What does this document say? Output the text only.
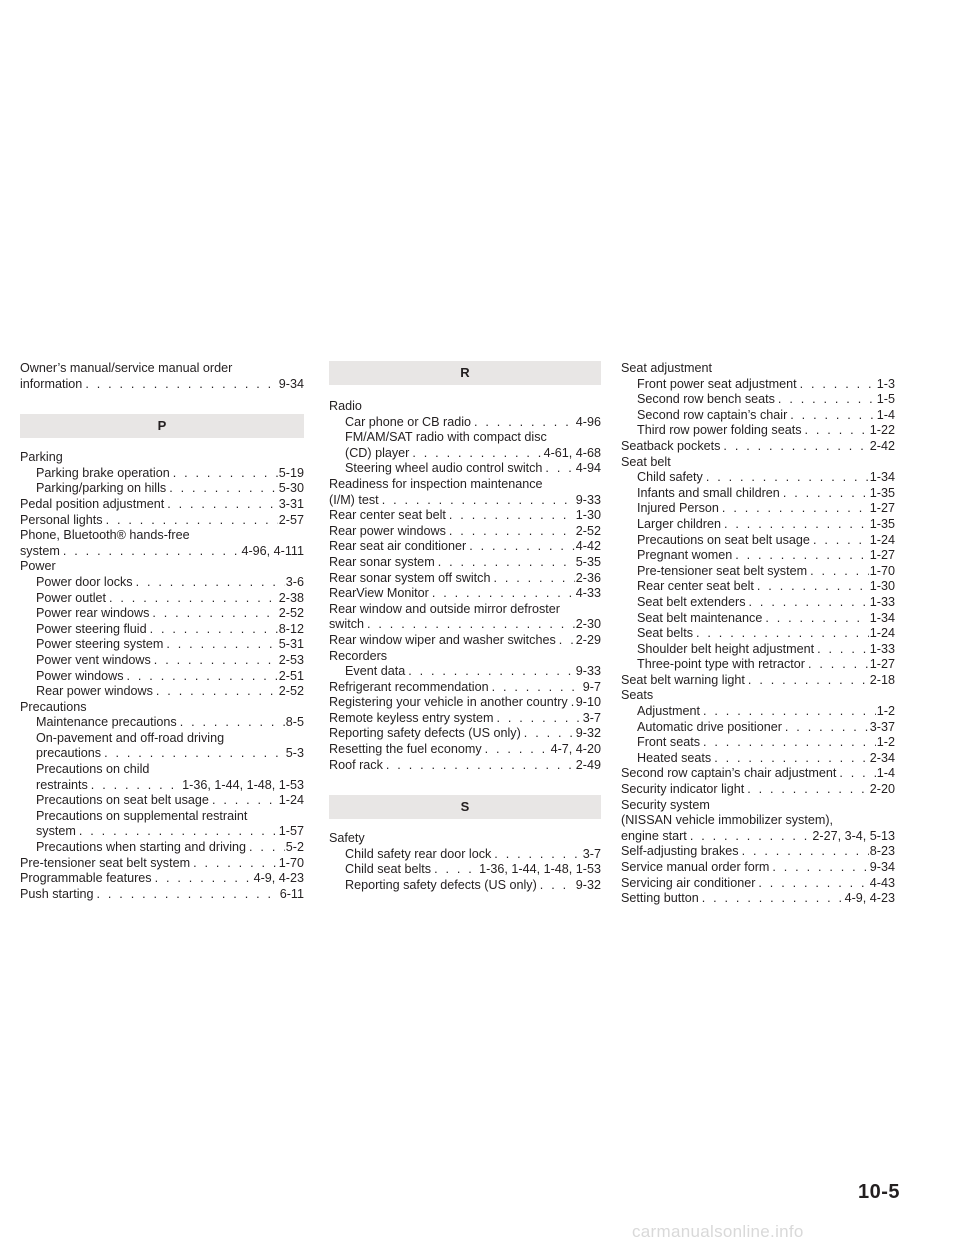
Owner’s manual/service manual order
information . . .	9-34
P
Parking
Parking brake operation . . .	5-19
Parking/parking on hills . . .	5-30
Pedal position adjustment . . .	3-31
Personal lights . . .	2-57
Phone, Bluetooth® hands-free
system . . .	4-96, 4-111
Power
Power door locks . . .	3-6
Power outlet . . .	2-38
Power rear windows . . .	2-52
Power steering fluid . . .	8-12
Power steering system . . .	5-31
Power vent windows . . .	2-53
Power windows . . .	2-51
Rear power windows . . .	2-52
Precautions
Maintenance precautions . . .	8-5
On-pavement and off-road driving
precautions . . .	5-3
Precautions on child
restraints . . .	1-36, 1-44, 1-48, 1-53
Precautions on seat belt usage . . .	1-24
Precautions on supplemental restraint
system . . .	1-57
Precautions when starting and driving . . .	5-2
Pre-tensioner seat belt system . . .	1-70
Programmable features . . .	4-9, 4-23
Push starting . . .	6-11
R
Radio
Car phone or CB radio . . .	4-96
FM/AM/SAT radio with compact disc
(CD) player . . .	4-61, 4-68
Steering wheel audio control switch . . .	4-94
Readiness for inspection maintenance
(I/M) test . . .	9-33
Rear center seat belt . . .	1-30
Rear power windows . . .	2-52
Rear seat air conditioner . . .	4-42
Rear sonar system . . .	5-35
Rear sonar system off switch . . .	2-36
RearView Monitor . . .	4-33
Rear window and outside mirror defroster
switch . . .	2-30
Rear window wiper and washer switches . . . 2-29
Recorders
Event data . . .	9-33
Refrigerant recommendation . . .	9-7
Registering your vehicle in another country . . . 9-10
Remote keyless entry system . . .	3-7
Reporting safety defects (US only) . . .	9-32
Resetting the fuel economy . . .	4-7, 4-20
Roof rack . . .	2-49
S
Safety
Child safety rear door lock . . .	3-7
Child seat belts . . .	1-36, 1-44, 1-48, 1-53
Reporting safety defects (US only) . . .	9-32
Seat adjustment
Front power seat adjustment . . .	1-3
Second row bench seats . . .	1-5
Second row captain’s chair . . .	1-4
Third row power folding seats . . .	1-22
Seatback pockets . . .	2-42
Seat belt
Child safety . . .	1-34
Infants and small children . . .	1-35
Injured Person . . .	1-27
Larger children . . .	1-35
Precautions on seat belt usage . . .	1-24
Pregnant women . . .	1-27
Pre-tensioner seat belt system . . .	1-70
Rear center seat belt . . .	1-30
Seat belt extenders . . .	1-33
Seat belt maintenance . . .	1-34
Seat belts . . .	1-24
Shoulder belt height adjustment . . .	1-33
Three-point type with retractor . . .	1-27
Seat belt warning light . . .	2-18
Seats
Adjustment . . .	1-2
Automatic drive positioner . . .	3-37
Front seats . . .	1-2
Heated seats . . .	2-34
Second row captain’s chair adjustment . . .	1-4
Security indicator light . . .	2-20
Security system
(NISSAN vehicle immobilizer system),
engine start . . .	2-27, 3-4, 5-13
Self-adjusting brakes . . .	8-23
Service manual order form . . .	9-34
Servicing air conditioner . . .	4-43
Setting button . . .	4-9, 4-23
10-5
carmanualsonline.info
